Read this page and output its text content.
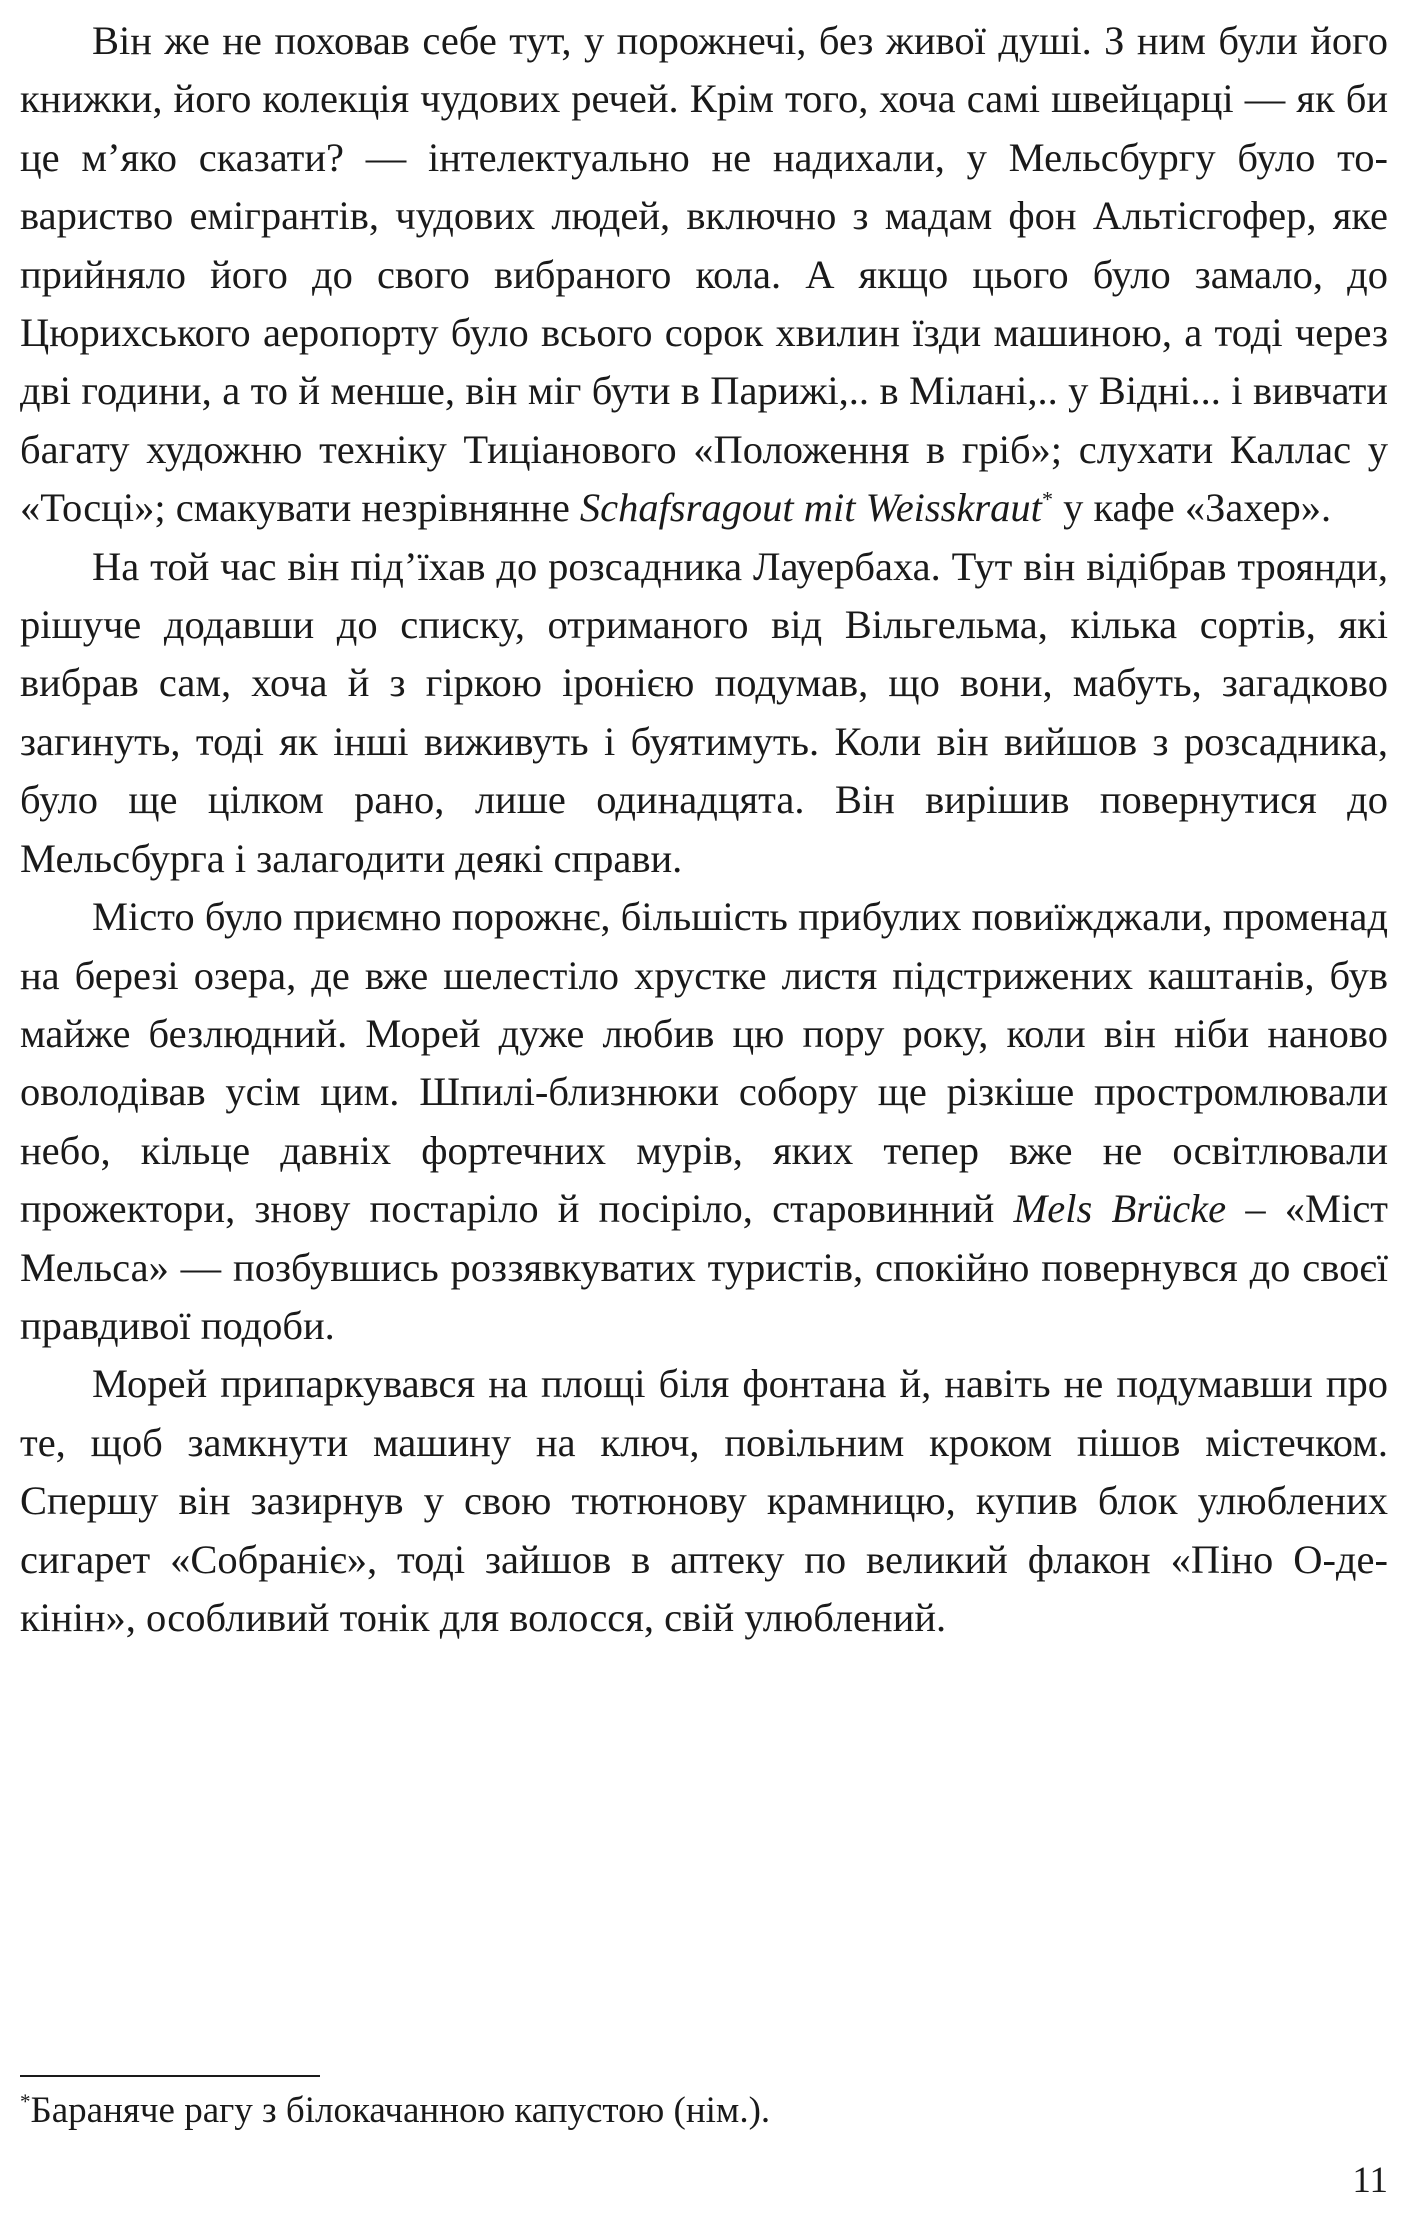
Він же не поховав себе тут, у порожнечі, без живої душі. З ним були його книжки, його колекція чудових речей. Крім того, хоча самі швейцарці — як би це м’яко сказати? — інтелектуально не надихали, у Мельсбургу було товариство емігрантів, чудових людей, включно з мадам фон Альтісгофер, яке прийняло його до свого вибраного кола. А якщо цього було замало, до Цюрихського аеропорту було всього сорок хвилин їзди машиною, а тоді через дві години, а то й менше, він міг бути в Парижі,.. в Мілані,.. у Відні... і вивчати багату художню техніку Тиціанового «Положення в гріб»; слухати Каллас у «Тосці»; смакувати незрівнянне Schafsragout mit Weisskraut* у кафе «Захер».

На той час він під’їхав до розсадника Лауербаха. Тут він відібрав троянди, рішуче додавши до списку, отриманого від Вільгельма, кілька сортів, які вибрав сам, хоча й з гіркою іронією подумав, що вони, мабуть, загадково загинуть, тоді як інші виживуть і буятимуть. Коли він вийшов з розсадника, було ще цілком рано, лише одинадцята. Він вирішив повернутися до Мельсбурга і залагодити деякі справи.

Місто було приємно порожнє, більшість прибулих повиїжджали, променад на березі озера, де вже шелестіло хрустке листя підстрижених каштанів, був майже безлюдний. Морей дуже любив цю пору року, коли він ніби наново оволодівав усім цим. Шпилі-близнюки собору ще різкіше простромлювали небо, кільце давніх фортечних мурів, яких тепер вже не освітлювали прожектори, знову постаріло й посіріло, старовинний Mels Brücke – «Міст Мельса» — позбувшись роззявкуватих туристів, спокійно повернувся до своєї правдивої подоби.

Морей припаркувався на площі біля фонтана й, навіть не подумавши про те, щоб замкнути машину на ключ, повільним кроком пішов містечком. Спершу він зазирнув у свою тютюнову крамницю, купив блок улюблених сигарет «Собраніє», тоді зайшов в аптеку по великий флакон «Піно О-де-кінін», особливий тонік для волосся, свій улюблений.

*Бараняче рагу з білокачанною капустою (нім.).
11
